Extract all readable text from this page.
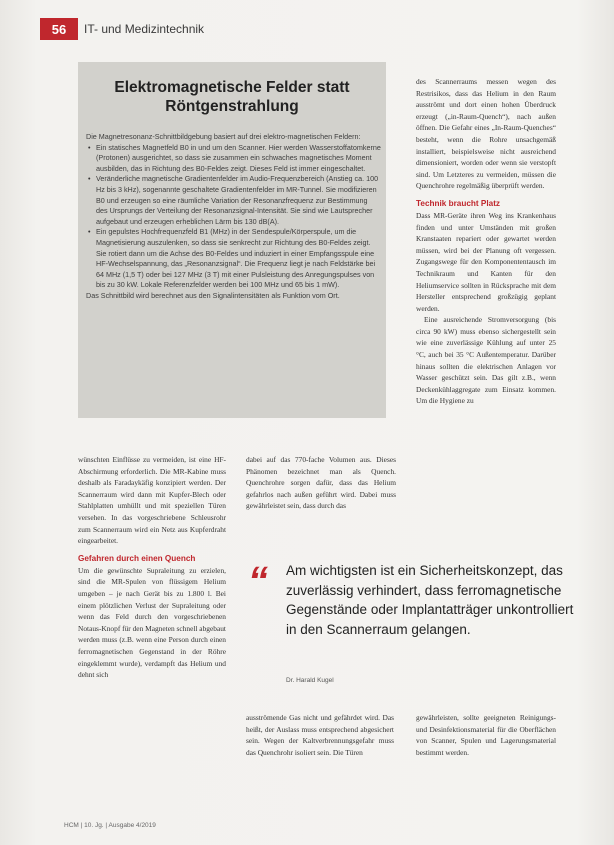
56	IT- und Medizintechnik
Elektromagnetische Felder statt Röntgenstrahlung

Die Magnetresonanz-Schnittbildgebung basiert auf drei elektro-magnetischen Feldern:

• Ein statisches Magnetfeld B0 in und um den Scanner. Hier werden Wasserstoffatomkerne (Protonen) ausgerichtet, so dass sie zusammen ein schwaches magnetisches Moment ausbilden, das in Richtung des B0-Feldes zeigt. Dieses Feld ist immer eingeschaltet.
• Veränderliche magnetische Gradientenfelder im Audio-Frequenzbereich (Anstieg ca. 100 Hz bis 3 kHz), sogenannte geschaltete Gradientenfelder im MR-Tunnel. Sie modifizieren B0 und erzeugen so eine räumliche Variation der Resonanzfrequenz zur Bestimmung des Ursprungs der Verteilung der Resonanzsignal-Intensität. Sie sind wie Lautsprecher aufgebaut und erzeugen erheblichen Lärm bis 130 dB(A).
• Ein gepulstes Hochfrequenzfeld B1 (MHz) in der Sendespule/Körperspule, um die Magnetisierung auszulenken, so dass sie senkrecht zur Richtung des B0-Feldes zeigt. Sie rotiert dann um die Achse des B0-Feldes und induziert in einer Empfangsspule eine HF-Wechselspannung, das „Resonanzsignal“. Die Frequenz liegt je nach Feldstärke bei 64 MHz (1,5 T) oder bei 127 MHz (3 T) mit einer Pulsleistung des Anregungspulses von bis zu 30 kW. Lokale Referenzfelder werden bei 100 MHz und 65 bis 1 mW).

Das Schnittbild wird berechnet aus den Signalintensitäten als Funktion vom Ort.

des Scannerraums messen wegen des Restrisikos, dass das Helium in den Raum ausströmt und dort einen hohen Überdruck erzeugt („in-Raum-Quench“), nach außen öffnen. Die Gefahr eines „In-Raum-Quenches“ besteht, wenn die Rohre unsachgemäß installiert, beispielsweise nicht ausreichend dimensioniert, worden oder wenn sie verstopft sind. Um Letzteres zu vermeiden, müssen die Quenchrohre regelmäßig überprüft werden.

Technik braucht Platz

Dass MR-Geräte ihren Weg ins Krankenhaus finden und unter Umständen mit großen Kranstaaten repariert oder gewartet werden müssen, wird bei der Planung oft vergessen. Zugangswege für den Komponententausch im Technikraum und Kanten für den Heliumservice sollten in Rücksprache mit dem Hersteller entsprechend großzügig geplant werden.

Eine ausreichende Stromversorgung (bis circa 90 kW) muss ebenso sichergestellt sein wie eine zuverlässige Kühlung auf unter 25 °C, auch bei 35 °C Außentemperatur. Darüber hinaus sollten die elektrischen Anlagen vor Wasser geschützt sein. Das gilt z.B., wenn Deckenkühlaggregate zum Einsatz kommen. Um die Hygiene zu

wünschten Einflüsse zu vermeiden, ist eine HF-Abschirmung erforderlich. Die MR-Kabine muss deshalb als Faradaykäfig konzipiert werden. Der Scannerraum wird dann mit Kupfer-Blech oder Stahlplatten umhüllt und mit speziellen Türen versehen. In das vorgeschriebene Schleusrohr zum Scannerraum wird ein Netz aus Kupferdraht eingearbeitet.

Gefahren durch einen Quench

Um die gewünschte Supraleitung zu erzielen, sind die MR-Spulen von flüssigem Helium umgeben – je nach Gerät bis zu 1.800 l. Bei einem plötzlichen Verlust der Supraleitung oder wenn das Feld durch den vorgeschriebenen Notaus-Knopf für den Magneten schnell abgebaut werden muss (z.B. wenn eine Person durch einen ferromagnetischen Gegenstand in der Röhre eingeklemmt wurde), verdampft das Helium und dehnt sich

dabei auf das 770-fache Volumen aus. Dieses Phänomen bezeichnet man als Quench. Quenchrohre sorgen dafür, dass das Helium gefahrlos nach außen geführt wird. Dabei muss gewährleistet sein, dass durch das

“ Am wichtigsten ist ein Sicherheitskonzept, das zuverlässig verhindert, dass ferromagnetische Gegenstände oder Implantatträger unkontrolliert in den Scannerraum gelangen.
Dr. Harald Kugel

ausströmende Gas nicht und gefährdet wird. Das heißt, der Auslass muss entsprechend abgesichert sein. Wegen der Kaltverbrennungsgefahr muss das Quenchrohr isoliert sein. Die Türen

gewährleisten, sollte geeigneten Reinigungs- und Desinfektionsmaterial für die Oberflächen von Scanner, Spulen und Lagerungsmaterial bestimmt werden.

HCM | 10. Jg. | Ausgabe 4/2019
